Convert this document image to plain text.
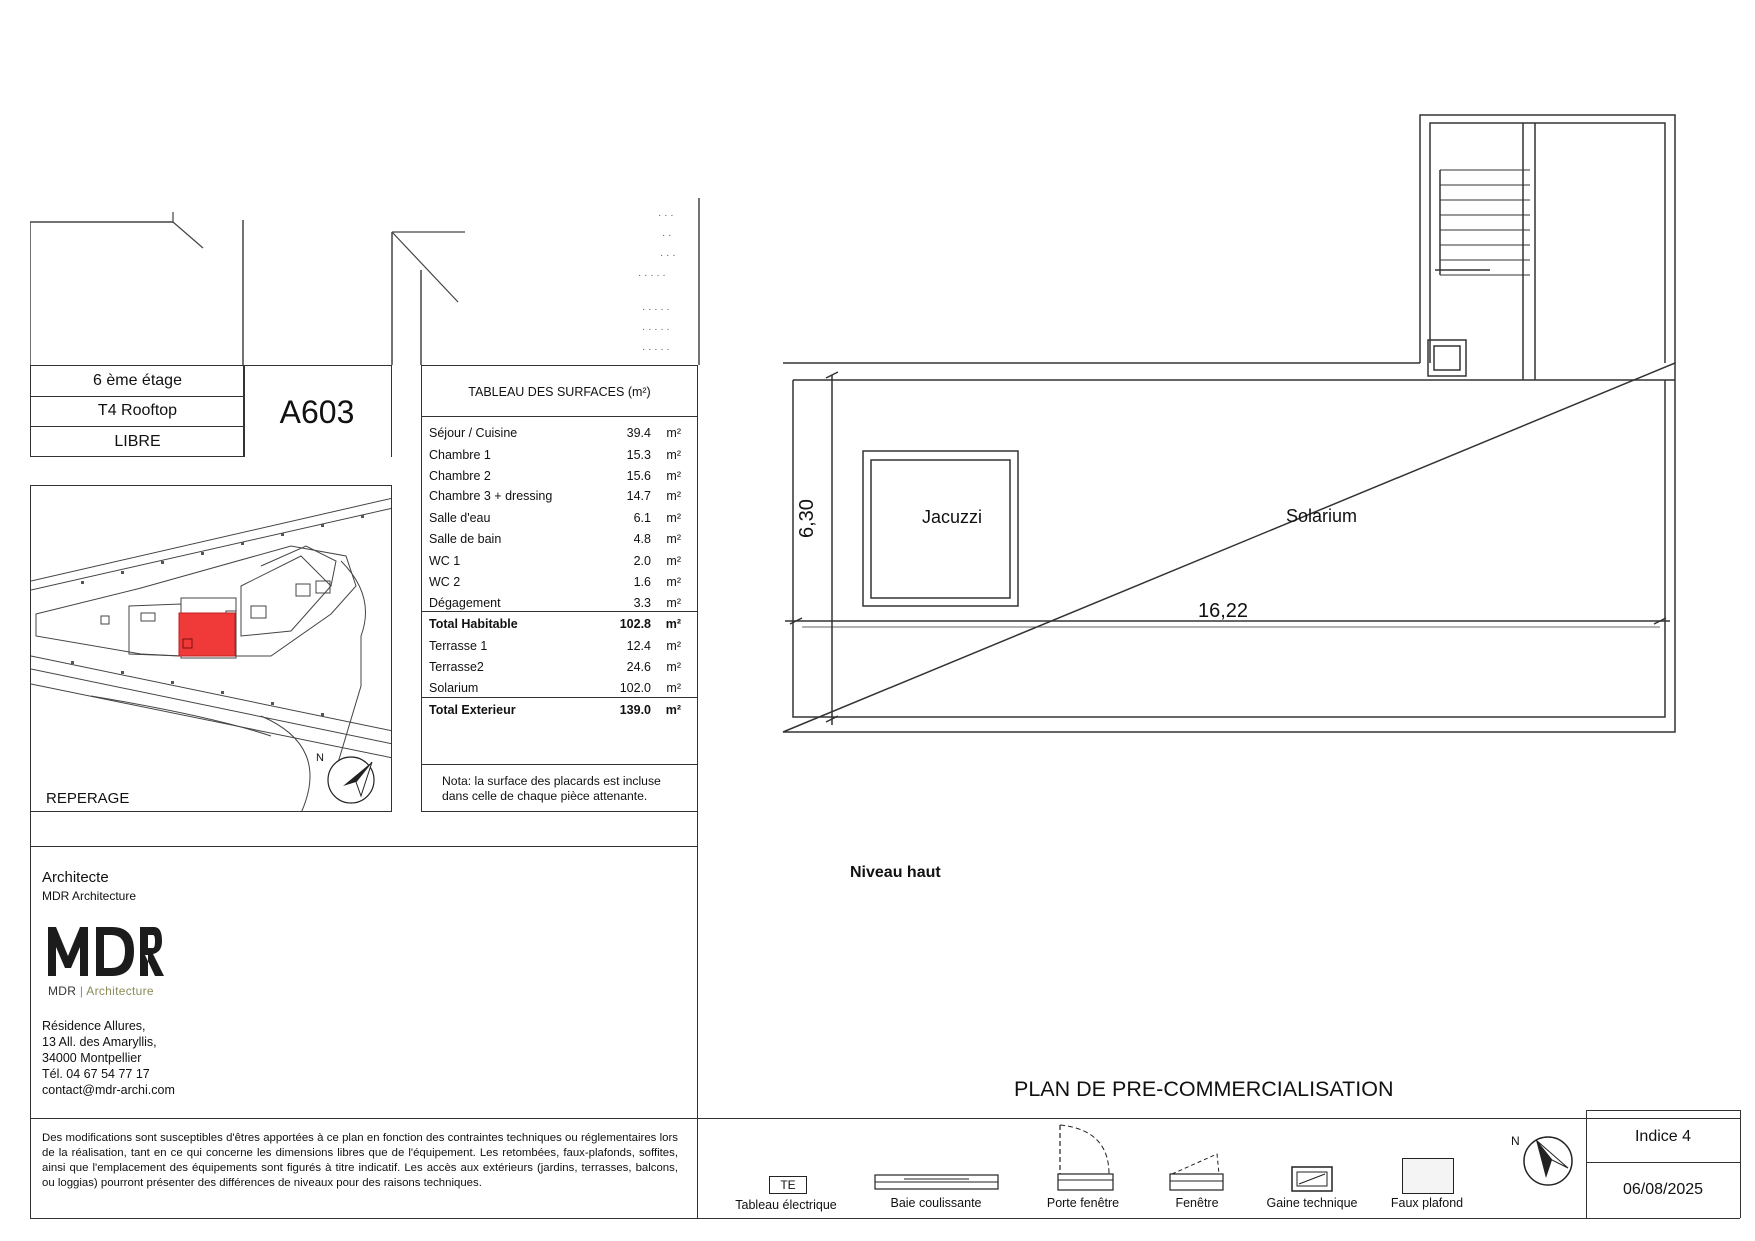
· · ·
· ·
· · ·
· · · · ·
· · · · ·
· · · · ·
· · · · ·
6 ème étage
T4 Rooftop
LIBRE
A603
TABLEAU DES SURFACES (m²)
Séjour / Cuisine	39.4 m²
Chambre 1	15.3 m²
Chambre 2	15.6 m²
Chambre 3 + dressing	14.7 m²
Salle d'eau	6.1 m²
Salle de bain	4.8 m²
WC 1	2.0 m²
WC 2	1.6 m²
Dégagement	3.3 m²
Total Habitable	102.8 m²
Terrasse 1	12.4 m²
Terrasse2	24.6 m²
Solarium	102.0 m²
Total Exterieur	139.0 m²
Nota: la surface des placards est incluse dans celle de chaque pièce attenante.
N
REPERAGE
Architecte
MDR Architecture
MDR | Architecture
Résidence Allures,
13 All. des Amaryllis,
34000 Montpellier
Tél. 04 67 54 77 17
contact@mdr-archi.com
Des modifications sont susceptibles d'êtres apportées à ce plan en fonction des contraintes techniques ou réglementaires lors de la réalisation, tant en ce qui concerne les dimensions libres que de l'équipement. Les retombées, faux-plafonds, soffites, ainsi que l'emplacement des équipements sont figurés à titre indicatif. Les accès aux extérieurs (jardins, terrasses, balcons, ou loggias) pourront présenter des différences de niveaux pour des raisons techniques.
Jacuzzi	Solarium
6,30
16,22
Niveau haut
PLAN DE PRE-COMMERCIALISATION
Indice 4
06/08/2025
N
TE
Tableau électrique	Baie coulissante	Porte fenêtre	Fenêtre	Gaine technique	Faux plafond
